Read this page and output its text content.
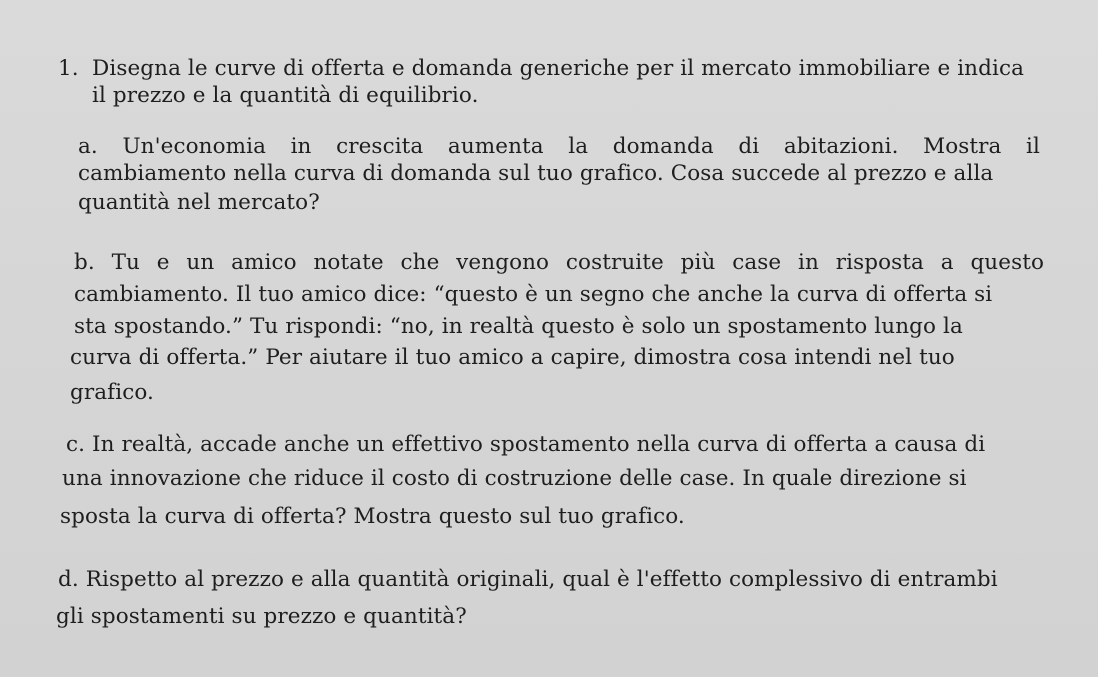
1. Disegna le curve di offerta e domanda generiche per il mercato immobiliare e indica
il prezzo e la quantità di equilibrio.
a. Un'economia in crescita aumenta la domanda di abitazioni. Mostra il
cambiamento nella curva di domanda sul tuo grafico. Cosa succede al prezzo e alla
quantità nel mercato?
b. Tu e un amico notate che vengono costruite più case in risposta a questo
cambiamento. Il tuo amico dice: “questo è un segno che anche la curva di offerta si
sta spostando.” Tu rispondi: “no, in realtà questo è solo un spostamento lungo la
curva di offerta.” Per aiutare il tuo amico a capire, dimostra cosa intendi nel tuo
grafico.
c. In realtà, accade anche un effettivo spostamento nella curva di offerta a causa di
una innovazione che riduce il costo di costruzione delle case. In quale direzione si
sposta la curva di offerta? Mostra questo sul tuo grafico.
d. Rispetto al prezzo e alla quantità originali, qual è l'effetto complessivo di entrambi
gli spostamenti su prezzo e quantità?
